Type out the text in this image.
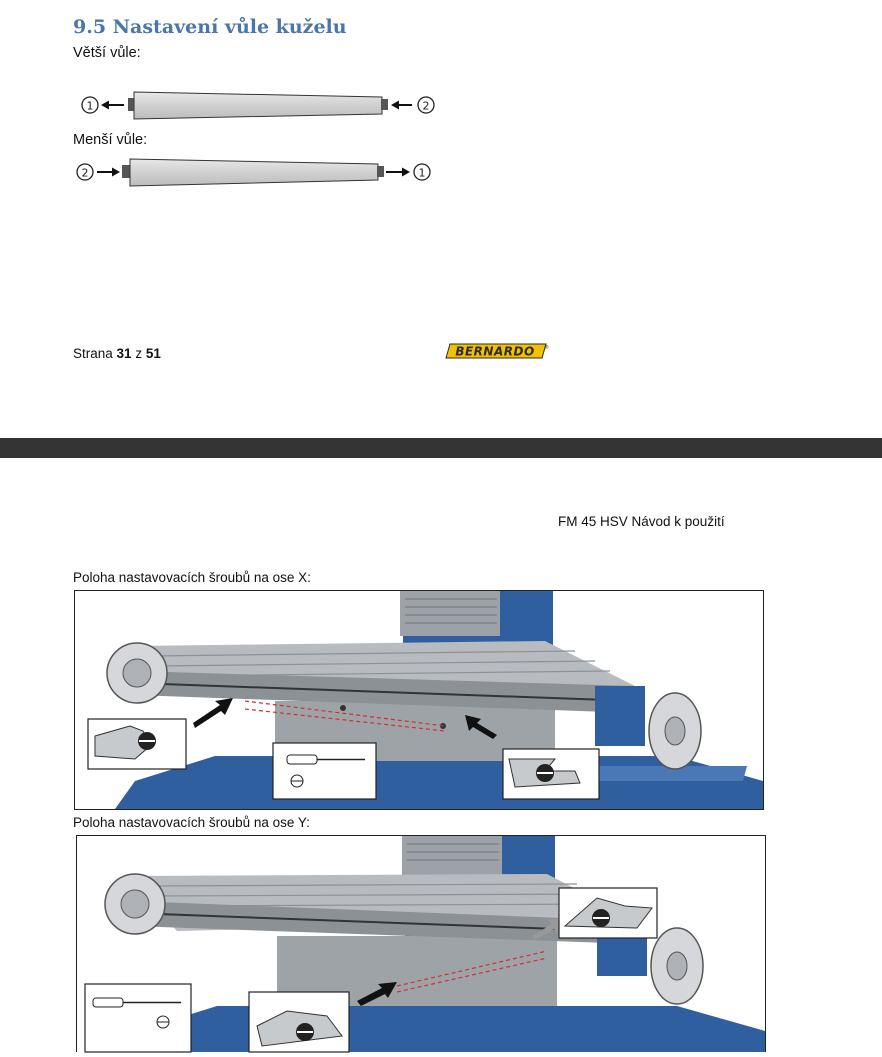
9.5 Nastavení vůle kuželu
Větší vůle:
1	2
Menší vůle:
2	1
Strana 31 z 51	BERNARDO ®
FM 45 HSV Návod k použití
Poloha nastavovacích šroubů na ose X:
Poloha nastavovacích šroubů na ose Y:
